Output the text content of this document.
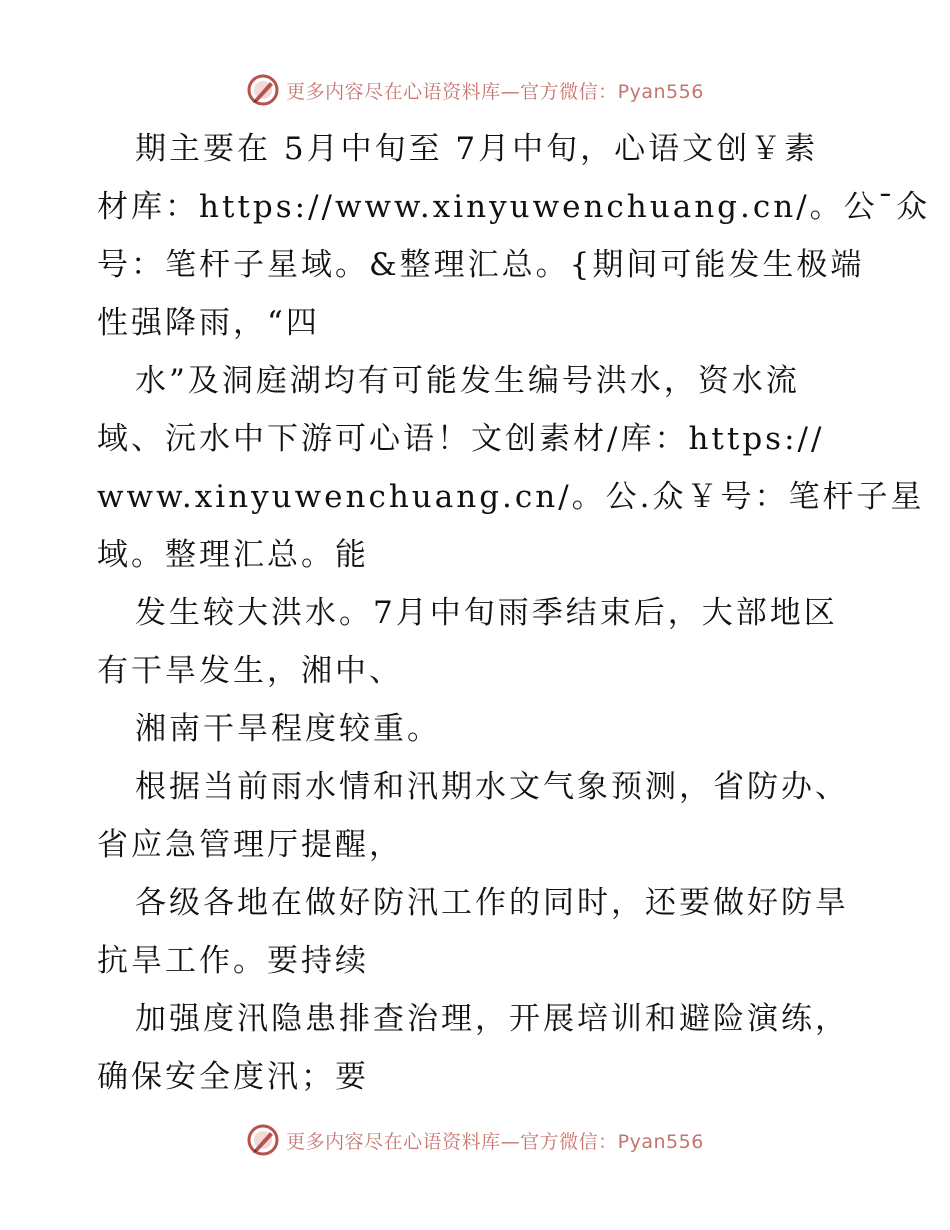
更多内容尽在心语资料库—官方微信：Pyan556
期主要在 5月中旬至 7月中旬，心语文创￥素
材库：https://www.xinyuwenchuang.cn/。公¯众
号：笔杆子星域。&整理汇总。{期间可能发生极端
性强降雨，“四
水”及洞庭湖均有可能发生编号洪水，资水流
域、沅水中下游可心语！文创素材/库：https://
www.xinyuwenchuang.cn/。公.众￥号：笔杆子星
域。整理汇总。能
发生较大洪水。7月中旬雨季结束后，大部地区
有干旱发生，湘中、
湘南干旱程度较重。
根据当前雨水情和汛期水文气象预测，省防办、
省应急管理厅提醒，
各级各地在做好防汛工作的同时，还要做好防旱
抗旱工作。要持续
加强度汛隐患排查治理，开展培训和避险演练，
确保安全度汛；要
更多内容尽在心语资料库—官方微信：Pyan556
